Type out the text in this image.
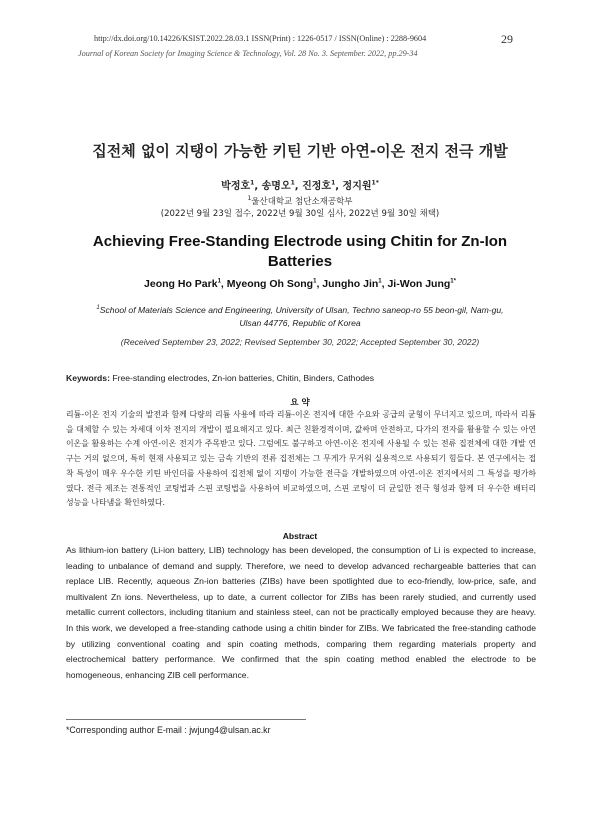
http://dx.doi.org/10.14226/KSIST.2022.28.03.1 ISSN(Print) : 1226-0517 / ISSN(Online) : 2288-9604	29
Journal of Korean Society for Imaging Science & Technology, Vol. 28 No. 3. September. 2022, pp.29-34
집전체 없이 지탱이 가능한 키틴 기반 아연-이온 전지 전극 개발
박정호$^1$, 송명오$^1$, 진정호$^1$, 정지원$^{1*}$
$^1$울산대학교 첨단소재공학부
(2022년 9월 23일 접수, 2022년 9월 30일 심사, 2022년 9월 30일 채택)
Achieving Free-Standing Electrode using Chitin for Zn-Ion Batteries
Jeong Ho Park$^1$, Myeong Oh Song$^1$, Jungho Jin$^1$, Ji-Won Jung$^{1*}$
$^1$School of Materials Science and Engineering, University of Ulsan, Techno saneop-ro 55 beon-gil, Nam-gu, Ulsan 44776, Republic of Korea
(Received September 23, 2022; Revised September 30, 2022; Accepted September 30, 2022)
Keywords: Free-standing electrodes, Zn-ion batteries, Chitin, Binders, Cathodes
요 약
리튬-이온 전지 기술의 발전과 함께 다량의 리튬 사용에 따라 리튬-이온 전지에 대한 수요와 공급의 균형이 무너지고 있으며, 따라서 리튬을 대체할 수 있는 차세대 이차 전지의 개발이 필요해지고 있다. 최근 친환경적이며, 값싸며 안전하고, 다가의 전자를 활용할 수 있는 아연 이온을 활용하는 수계 아연-이온 전지가 주목받고 있다. 그럼에도 불구하고 아연-이온 전지에 사용될 수 있는 전류 집전체에 대한 개발 연구는 거의 없으며, 특히 현재 사용되고 있는 금속 기반의 전류 집전체는 그 무게가 무거워 실용적으로 사용되기 힘들다. 본 연구에서는 접착 특성이 매우 우수한 키틴 바인더를 사용하여 집전체 없이 지탱이 가능한 전극을 개발하였으며 아연-이온 전지에서의 그 특성을 평가하였다. 전극 제조는 전통적인 코팅법과 스핀 코팅법을 사용하여 비교하였으며, 스핀 코팅이 더 균일한 전극 형성과 함께 더 우수한 배터리 성능을 나타냄을 확인하였다.
Abstract
As lithium-ion battery (Li-ion battery, LIB) technology has been developed, the consumption of Li is expected to increase, leading to unbalance of demand and supply. Therefore, we need to develop advanced rechargeable batteries that can replace LIB. Recently, aqueous Zn-ion batteries (ZIBs) have been spotlighted due to eco-friendly, low-price, safe, and multivalent Zn ions. Nevertheless, up to date, a current collector for ZIBs has been rarely studied, and currently used metallic current collectors, including titanium and stainless steel, can not be practically employed because they are heavy. In this work, we developed a free-standing cathode using a chitin binder for ZIBs. We fabricated the free-standing cathode by utilizing conventional coating and spin coating methods, comparing them regarding materials property and electrochemical battery performance. We confirmed that the spin coating method enabled the electrode to be homogeneous, enhancing ZIB cell performance.
*Corresponding author E-mail : jwjung4@ulsan.ac.kr
